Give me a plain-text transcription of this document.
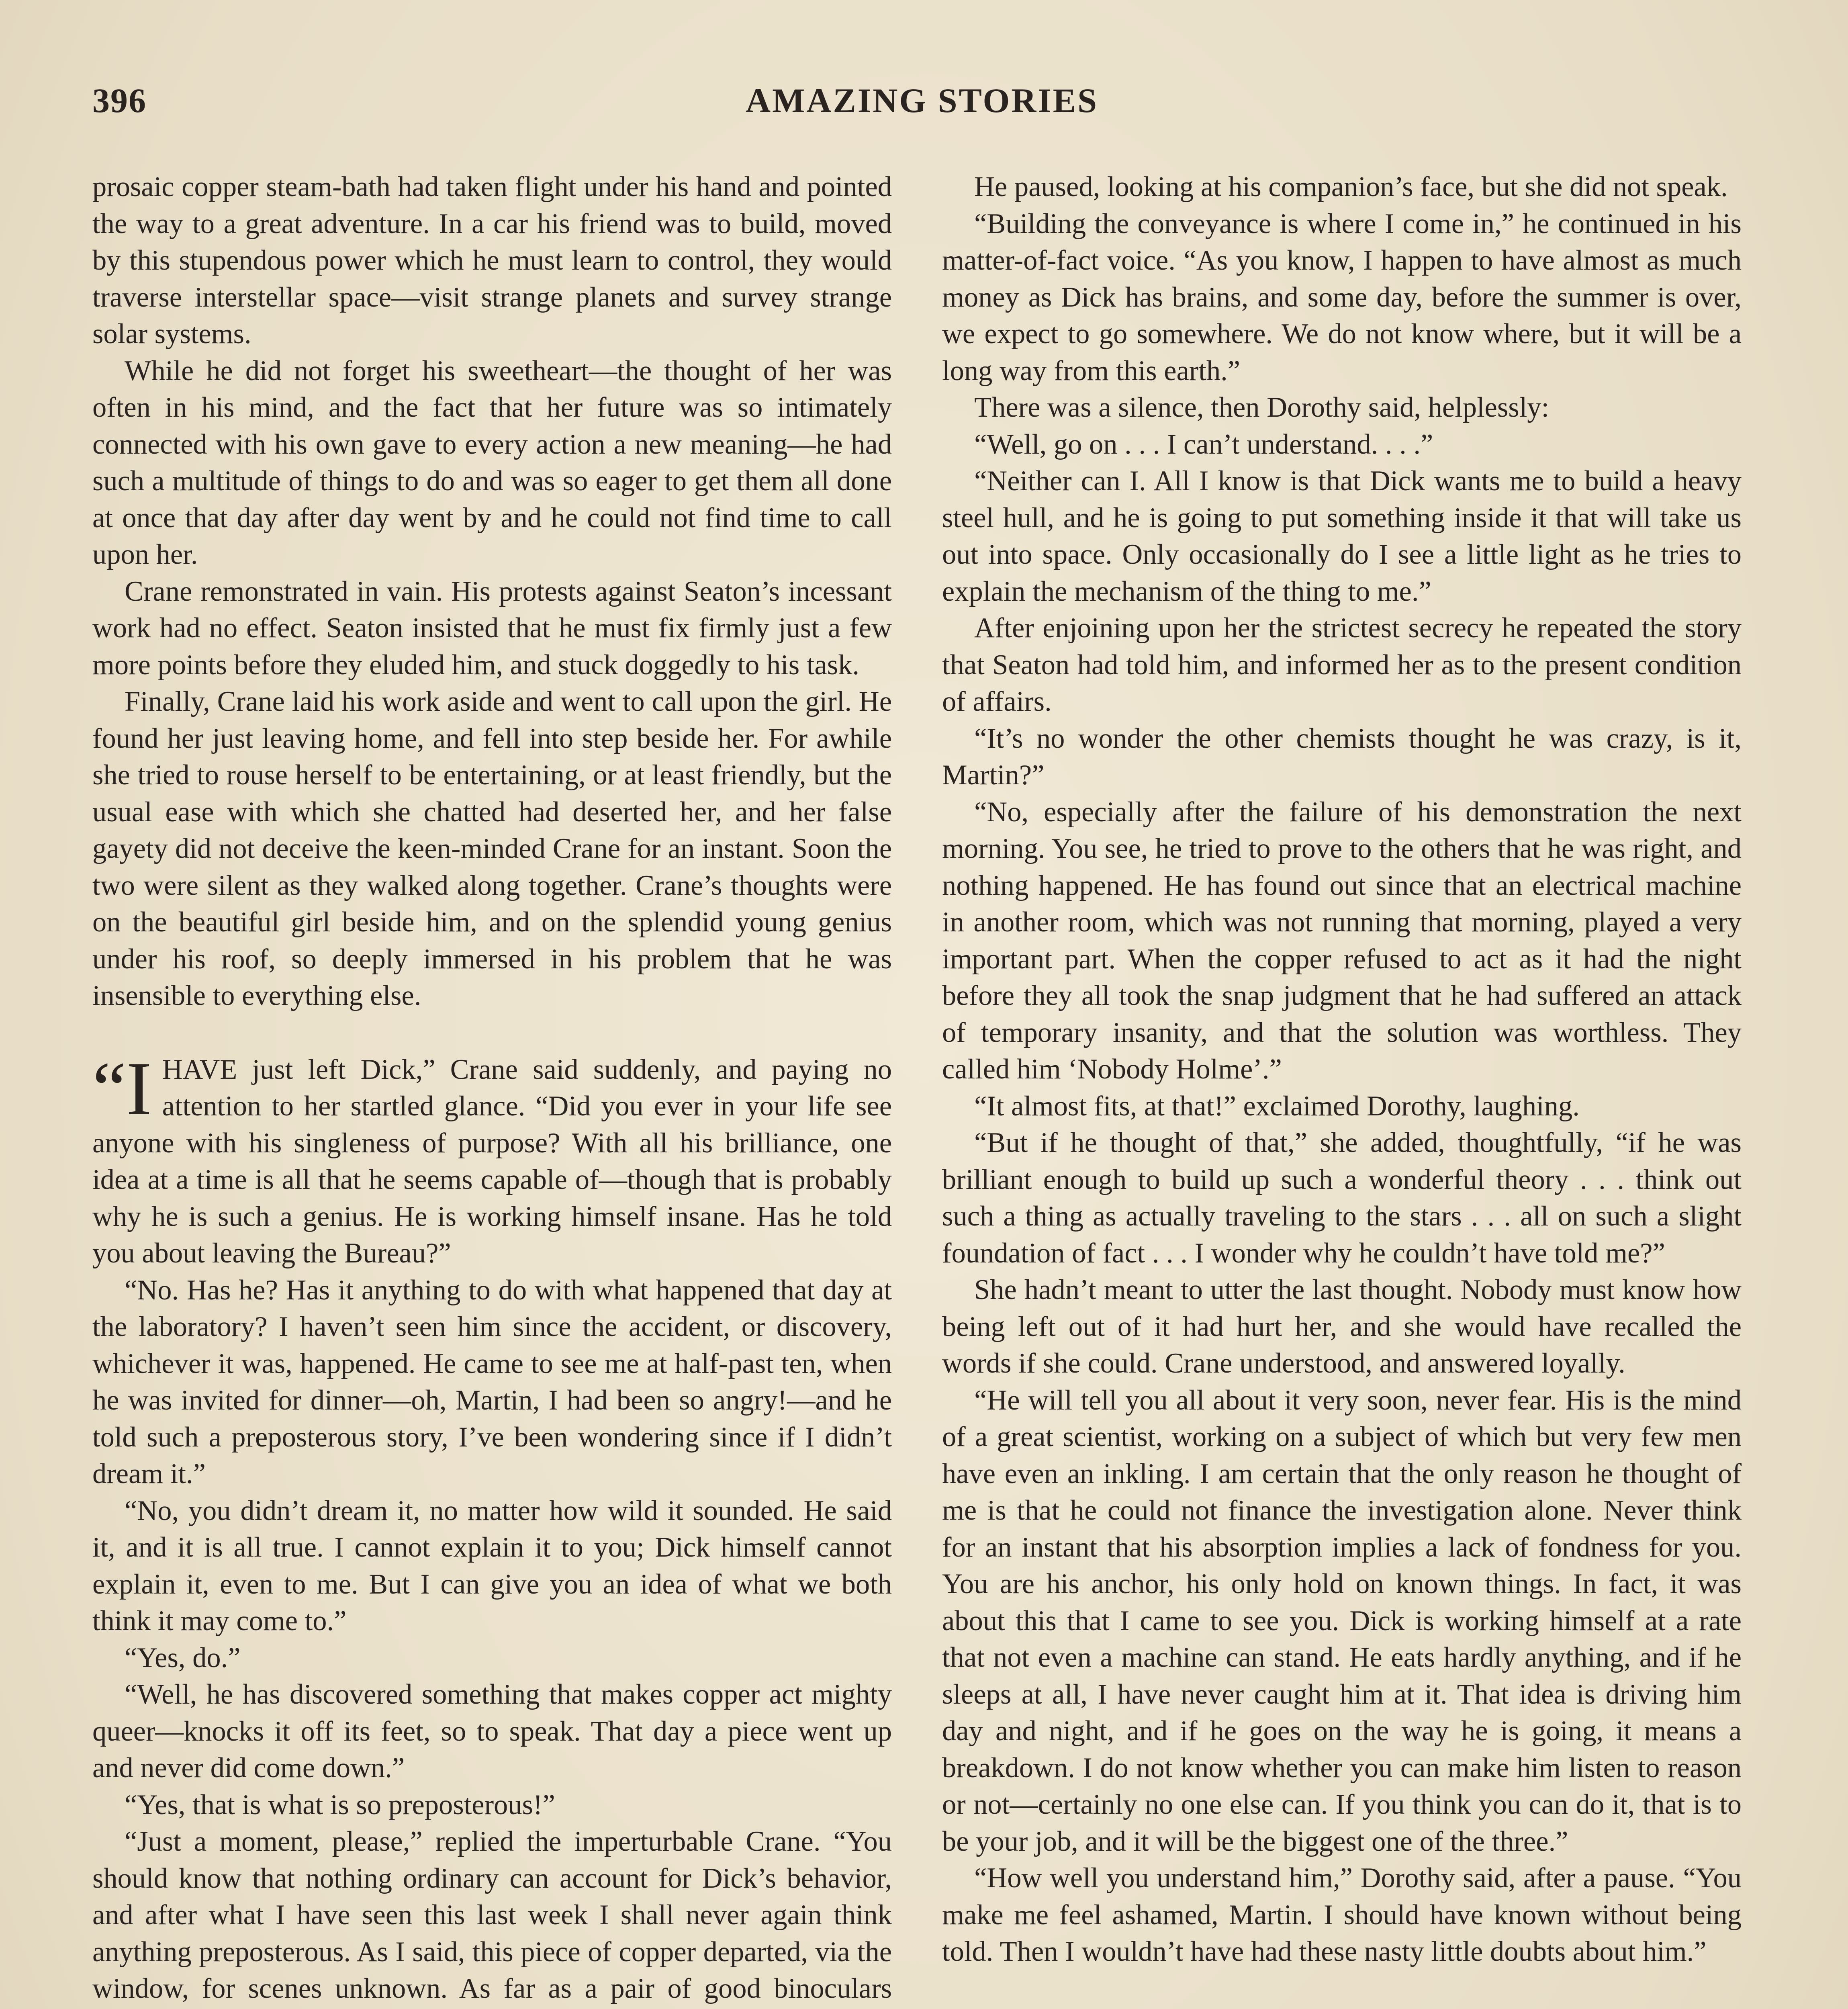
396	AMAZING STORIES

prosaic copper steam-bath had taken flight under his hand and pointed the way to a great adventure. In a car his friend was to build, moved by this stupendous power which he must learn to control, they would traverse interstellar space—visit strange planets and survey strange solar systems.

While he did not forget his sweetheart—the thought of her was often in his mind, and the fact that her future was so intimately connected with his own gave to every action a new meaning—he had such a multitude of things to do and was so eager to get them all done at once that day after day went by and he could not find time to call upon her.

Crane remonstrated in vain. His protests against Seaton’s incessant work had no effect. Seaton insisted that he must fix firmly just a few more points before they eluded him, and stuck doggedly to his task.

Finally, Crane laid his work aside and went to call upon the girl. He found her just leaving home, and fell into step beside her. For awhile she tried to rouse herself to be entertaining, or at least friendly, but the usual ease with which she chatted had deserted her, and her false gayety did not deceive the keen-minded Crane for an instant. Soon the two were silent as they walked along together. Crane’s thoughts were on the beautiful girl beside him, and on the splendid young genius under his roof, so deeply immersed in his problem that he was insensible to everything else.

“IHAVE just left Dick,” Crane said suddenly, and paying no attention to her startled glance. “Did you ever in your life see anyone with his singleness of purpose? With all his brilliance, one idea at a time is all that he seems capable of—though that is probably why he is such a genius. He is working himself insane. Has he told you about leaving the Bureau?”

“No. Has he? Has it anything to do with what happened that day at the laboratory? I haven’t seen him since the accident, or discovery, whichever it was, happened. He came to see me at half-past ten, when he was invited for dinner—oh, Martin, I had been so angry!—and he told such a preposterous story, I’ve been wondering since if I didn’t dream it.”

“No, you didn’t dream it, no matter how wild it sounded. He said it, and it is all true. I cannot explain it to you; Dick himself cannot explain it, even to me. But I can give you an idea of what we both think it may come to.”

“Yes, do.”

“Well, he has discovered something that makes copper act mighty queer—knocks it off its feet, so to speak. That day a piece went up and never did come down.”

“Yes, that is what is so preposterous!”

“Just a moment, please,” replied the imperturbable Crane. “You should know that nothing ordinary can account for Dick’s behavior, and after what I have seen this last week I shall never again think anything preposterous. As I said, this piece of copper departed, via the window, for scenes unknown. As far as a pair of good binoculars

He paused, looking at his companion’s face, but she did not speak.

“Building the conveyance is where I come in,” he continued in his matter-of-fact voice. “As you know, I happen to have almost as much money as Dick has brains, and some day, before the summer is over, we expect to go somewhere. We do not know where, but it will be a long way from this earth.”

There was a silence, then Dorothy said, helplessly:

“Well, go on . . . I can’t understand. . . .”

“Neither can I. All I know is that Dick wants me to build a heavy steel hull, and he is going to put something inside it that will take us out into space. Only occasionally do I see a little light as he tries to explain the mechanism of the thing to me.”

After enjoining upon her the strictest secrecy he repeated the story that Seaton had told him, and informed her as to the present condition of affairs.

“It’s no wonder the other chemists thought he was crazy, is it, Martin?”

“No, especially after the failure of his demonstration the next morning. You see, he tried to prove to the others that he was right, and nothing happened. He has found out since that an electrical machine in another room, which was not running that morning, played a very important part. When the copper refused to act as it had the night before they all took the snap judgment that he had suffered an attack of temporary insanity, and that the solution was worthless. They called him ‘Nobody Holme’.”

“It almost fits, at that!” exclaimed Dorothy, laughing.

“But if he thought of that,” she added, thoughtfully, “if he was brilliant enough to build up such a wonderful theory . . . think out such a thing as actually traveling to the stars . . . all on such a slight foundation of fact . . . I wonder why he couldn’t have told me?”

She hadn’t meant to utter the last thought. Nobody must know how being left out of it had hurt her, and she would have recalled the words if she could. Crane understood, and answered loyally.

“He will tell you all about it very soon, never fear. His is the mind of a great scientist, working on a subject of which but very few men have even an inkling. I am certain that the only reason he thought of me is that he could not finance the investigation alone. Never think for an instant that his absorption implies a lack of fondness for you. You are his anchor, his only hold on known things. In fact, it was about this that I came to see you. Dick is working himself at a rate that not even a machine can stand. He eats hardly anything, and if he sleeps at all, I have never caught him at it. That idea is driving him day and night, and if he goes on the way he is going, it means a breakdown. I do not know whether you can make him listen to reason or not—certainly no one else can. If you think you can do it, that is to be your job, and it will be the biggest one of the three.”

“How well you understand him,” Dorothy said, after a pause. “You make me feel ashamed, Martin. I should have known without being told. Then I wouldn’t have had these nasty little doubts about him.”
